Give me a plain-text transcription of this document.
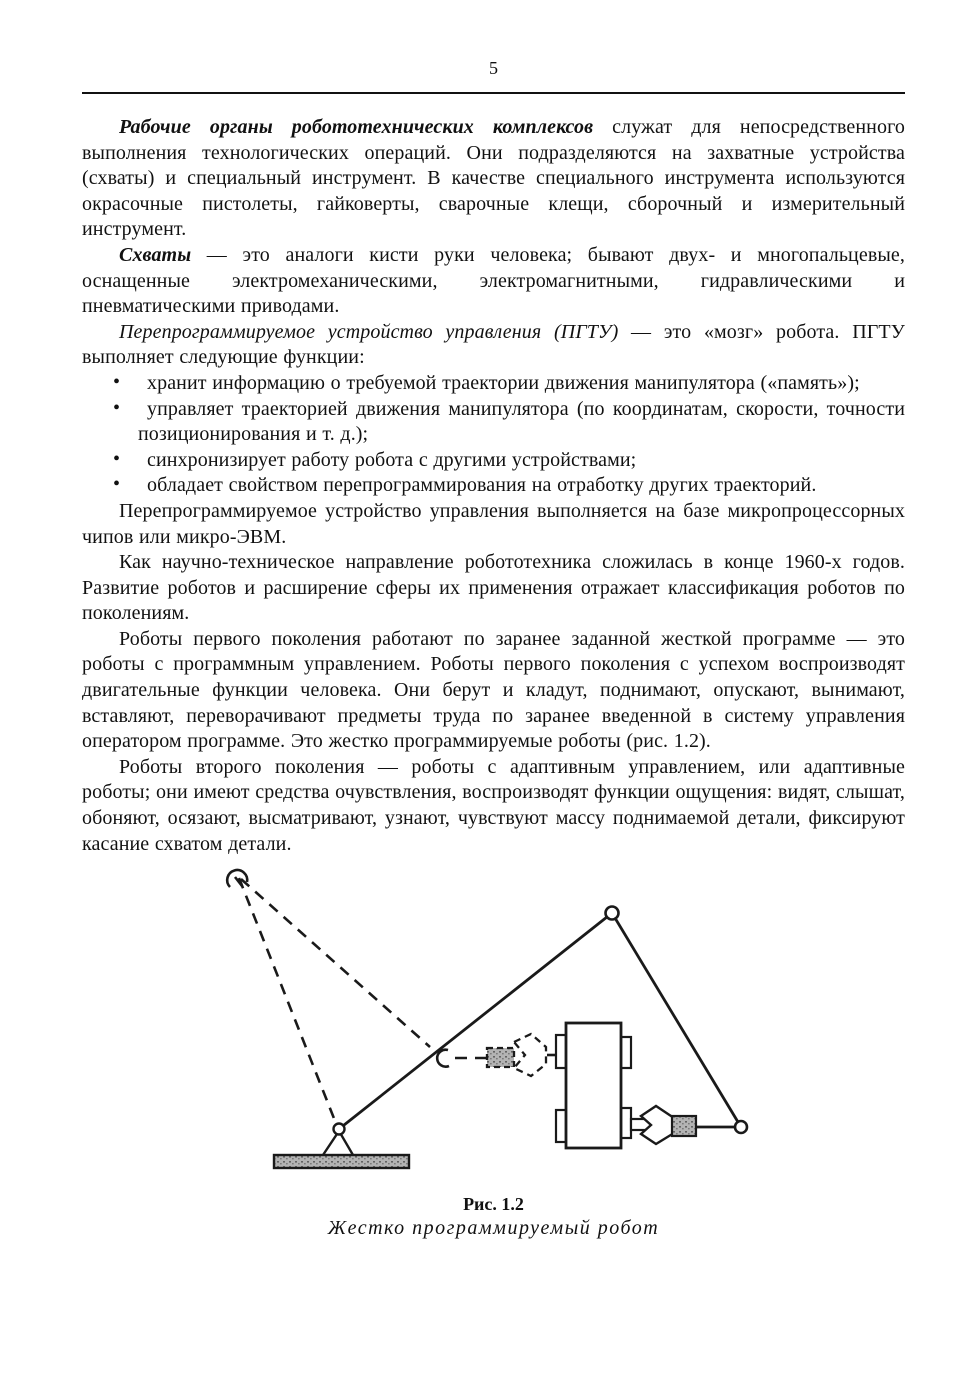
5

Рабочие органы робототехнических комплексов служат для непосредственного выполнения технологических операций. Они подразделяются на захватные устройства (схваты) и специальный инструмент. В качестве специального инструмента используются окрасочные пистолеты, гайковерты, сварочные клещи, сборочный и измерительный инструмент.

Схваты — это аналоги кисти руки человека; бывают двух- и многопальцевые, оснащенные электромеханическими, электромагнитными, гидравлическими и пневматическими приводами.

Перепрограммируемое устройство управления (ПГТУ) — это «мозг» робота. ПГТУ выполняет следующие функции:

• хранит информацию о требуемой траектории движения манипулятора («память»);
• управляет траекторией движения манипулятора (по координатам, скорости, точности позиционирования и т. д.);
• синхронизирует работу робота с другими устройствами;
• обладает свойством перепрограммирования на отработку других траекторий.

Перепрограммируемое устройство управления выполняется на базе микропроцессорных чипов или микро-ЭВМ.

Как научно-техническое направление робототехника сложилась в конце 1960-х годов. Развитие роботов и расширение сферы их применения отражает классификация роботов по поколениям.

Роботы первого поколения работают по заранее заданной жесткой программе — это роботы с программным управлением. Роботы первого поколения с успехом воспроизводят двигательные функции человека. Они берут и кладут, поднимают, опускают, вынимают, вставляют, переворачивают предметы труда по заранее введенной в систему управления оператором программе. Это жестко программируемые роботы (рис. 1.2).

Роботы второго поколения — роботы с адаптивным управлением, или адаптивные роботы; они имеют средства очувствления, воспроизводят функции ощущения: видят, слышат, обоняют, осязают, высматривают, узнают, чувствуют массу поднимаемой детали, фиксируют касание схватом детали.

Рис. 1.2
Жестко программируемый робот
